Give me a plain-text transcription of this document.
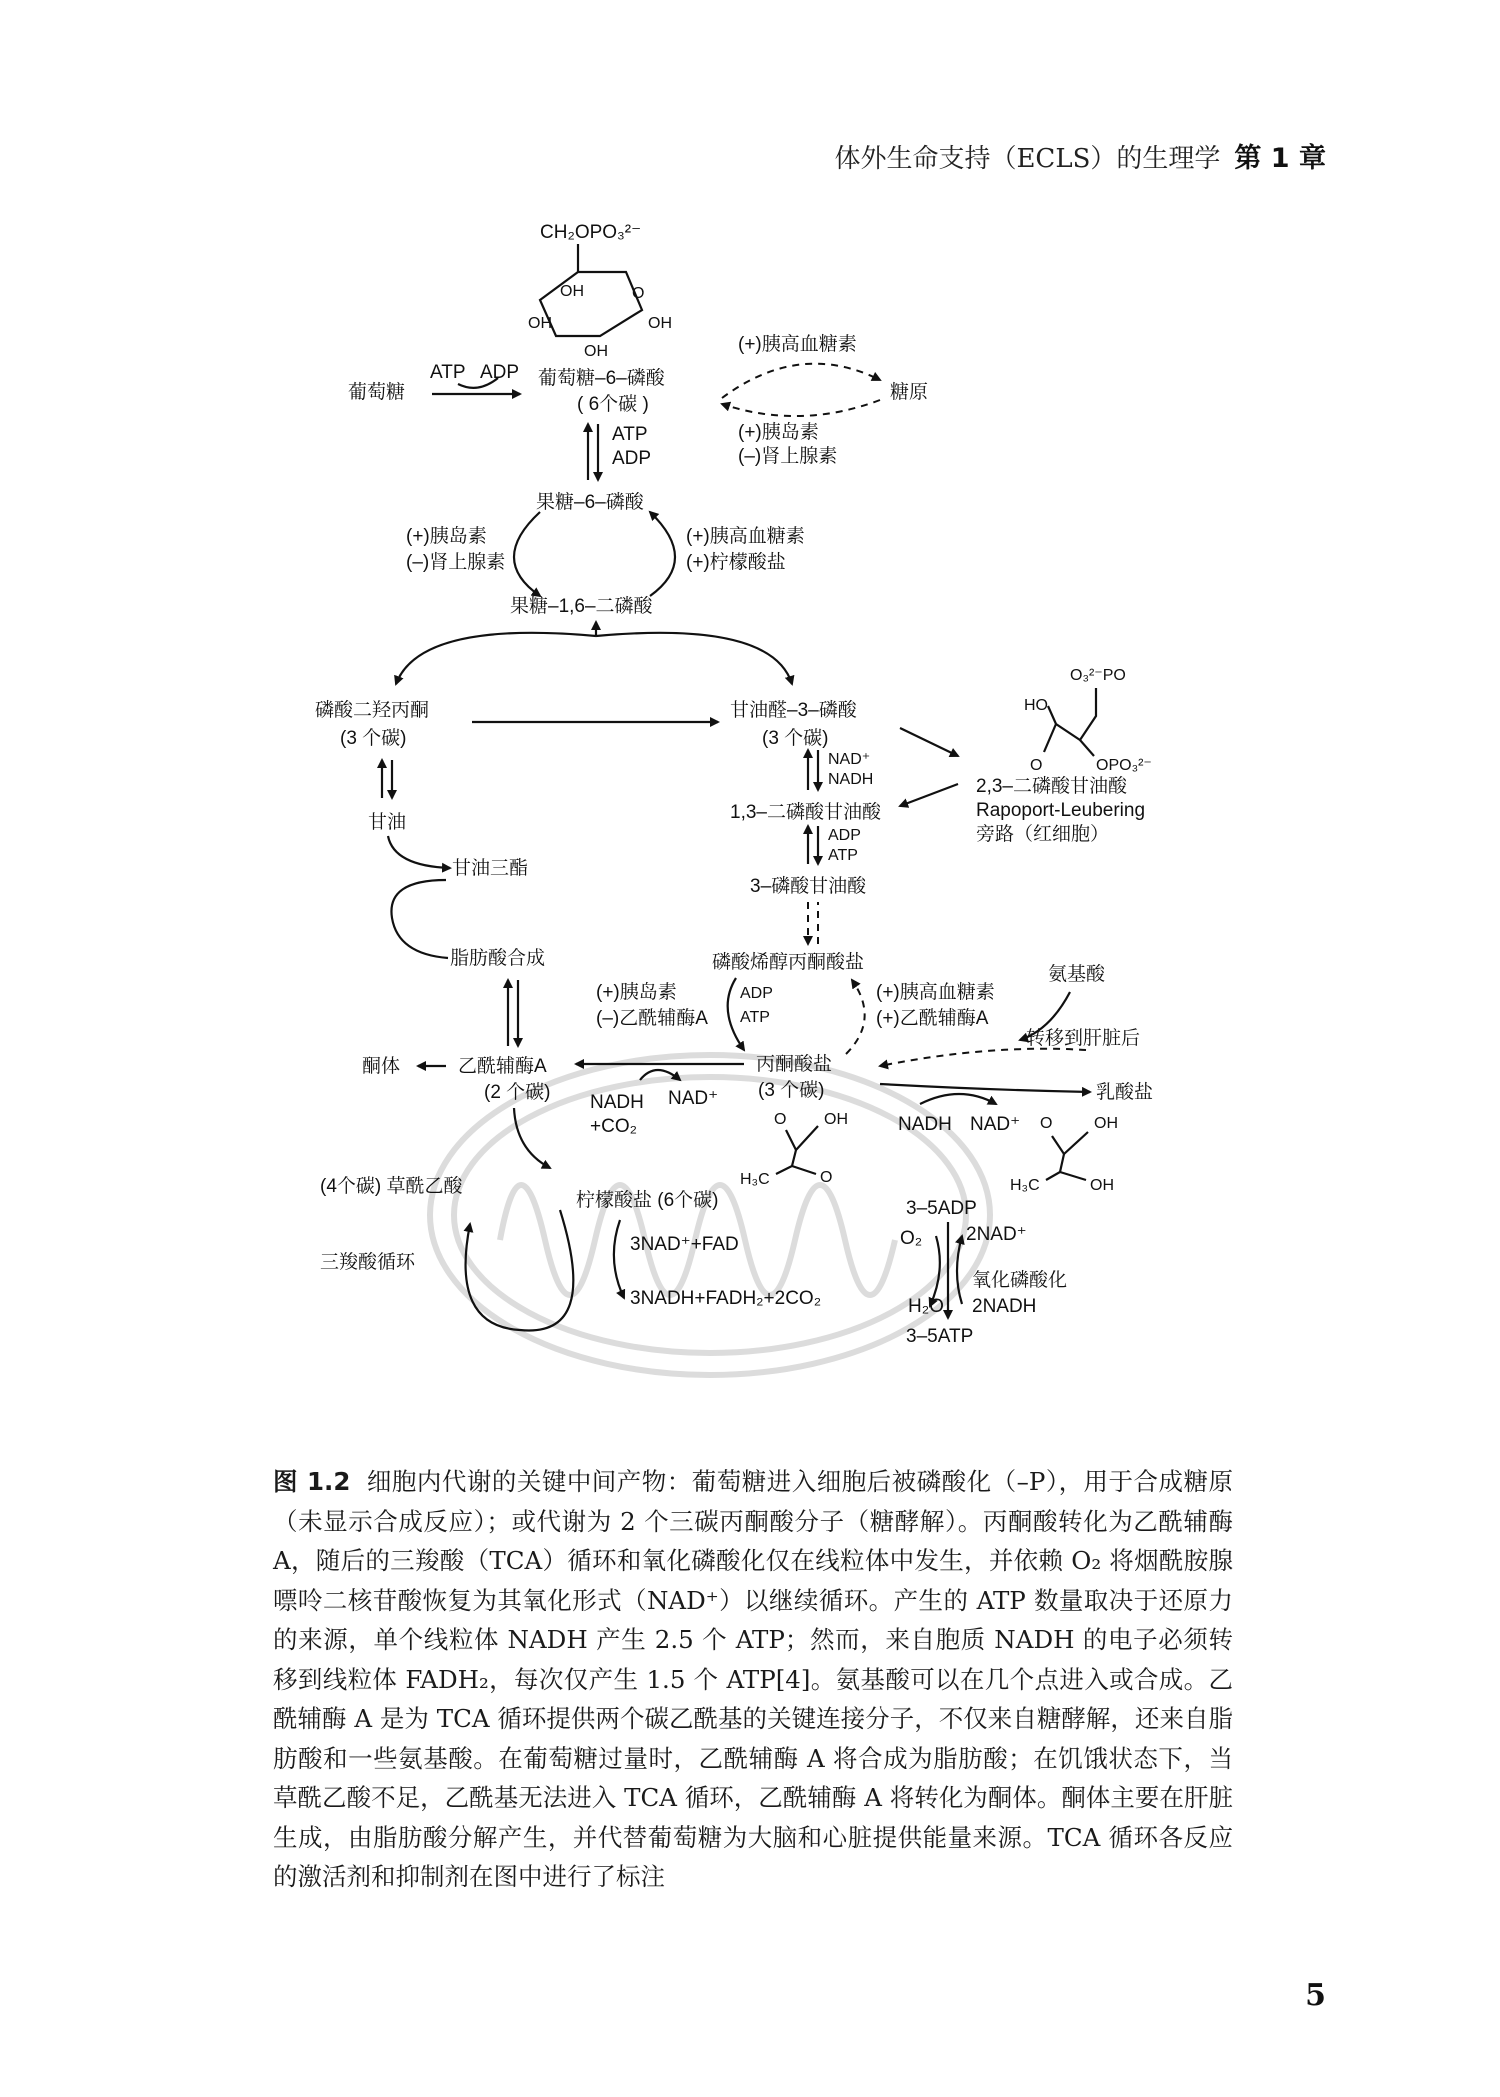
体外生命支持（ECLS）的生理学 第 1 章
CH₂OPO₃²⁻
O
OH
OH	OH
OH
葡萄糖
ATP ADP 葡萄糖–6–磷酸
( 6个碳 )
(+)胰高血糖素
糖原
(+)胰岛素
(–)肾上腺素
ATP
ADP
果糖–6–磷酸
(+)胰岛素
(–)肾上腺素
(+)胰高血糖素
(+)柠檬酸盐
果糖–1,6–二磷酸
磷酸二羟丙酮
(3 个碳)
甘油醛–3–磷酸
(3 个碳)
O₃²⁻PO
HO
O	OPO₃²⁻
2,3–二磷酸甘油酸
Rapoport-Leubering
旁路（红细胞）
NAD⁺
NADH
1,3–二磷酸甘油酸
ADP
ATP
3–磷酸甘油酸
甘油
甘油三酯
脂肪酸合成	磷酸烯醇丙酮酸盐
ADP
ATP
(+)胰岛素
(–)乙酰辅酶A
(+)胰高血糖素
(+)乙酰辅酶A
氨基酸
转移到肝脏后
乳酸盐
NADH NAD⁺
丙酮酸盐
(3 个碳)
O OH
H₃C	O
O	OH
H₃C	OH
NADH NAD⁺
+CO₂
乙酰辅酶A
(2 个碳)
酮体
(4个碳) 草酰乙酸
柠檬酸盐 (6个碳)
三羧酸循环
3NAD⁺+FAD
3NADH+FADH₂+2CO₂
3–5ADP
O₂ 2NAD⁺
氧化磷酸化
2NADH
H₂O
3–5ATP
图 1.2 细胞内代谢的关键中间产物：葡萄糖进入细胞后被磷酸化（–P），用于合成糖原（未显示合成反应）；或代谢为 2 个三碳丙酮酸分子（糖酵解）。丙酮酸转化为乙酰辅酶 A，随后的三羧酸（TCA）循环和氧化磷酸化仅在线粒体中发生，并依赖 O₂ 将烟酰胺腺嘌呤二核苷酸恢复为其氧化形式（NAD⁺）以继续循环。产生的 ATP 数量取决于还原力的来源，单个线粒体 NADH 产生 2.5 个 ATP；然而，来自胞质 NADH 的电子必须转移到线粒体 FADH₂，每次仅产生 1.5 个 ATP[4]。氨基酸可以在几个点进入或合成。乙酰辅酶 A 是为 TCA 循环提供两个碳乙酰基的关键连接分子，不仅来自糖酵解，还来自脂肪酸和一些氨基酸。在葡萄糖过量时，乙酰辅酶 A 将合成为脂肪酸；在饥饿状态下，当草酰乙酸不足，乙酰基无法进入 TCA 循环，乙酰辅酶 A 将转化为酮体。酮体主要在肝脏生成，由脂肪酸分解产生，并代替葡萄糖为大脑和心脏提供能量来源。TCA 循环各反应的激活剂和抑制剂在图中进行了标注
5
